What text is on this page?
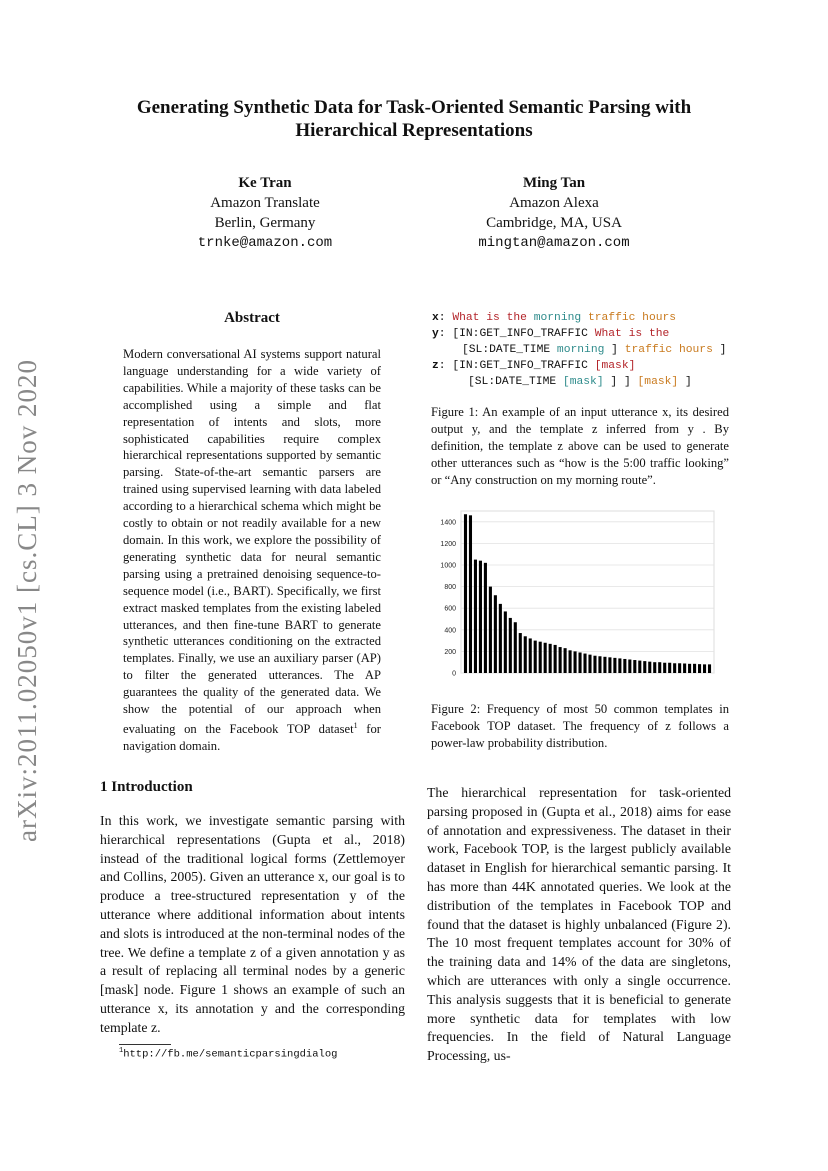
Generating Synthetic Data for Task-Oriented Semantic Parsing with Hierarchical Representations
Ke Tran
Amazon Translate
Berlin, Germany
trnke@amazon.com
Ming Tan
Amazon Alexa
Cambridge, MA, USA
mingtan@amazon.com
arXiv:2011.02050v1 [cs.CL] 3 Nov 2020
Abstract
Modern conversational AI systems support natural language understanding for a wide variety of capabilities. While a majority of these tasks can be accomplished using a simple and flat representation of intents and slots, more sophisticated capabilities require complex hierarchical representations supported by semantic parsing. State-of-the-art semantic parsers are trained using supervised learning with data labeled according to a hierarchical schema which might be costly to obtain or not readily available for a new domain. In this work, we explore the possibility of generating synthetic data for neural semantic parsing using a pretrained denoising sequence-to-sequence model (i.e., BART). Specifically, we first extract masked templates from the existing labeled utterances, and then fine-tune BART to generate synthetic utterances conditioning on the extracted templates. Finally, we use an auxiliary parser (AP) to filter the generated utterances. The AP guarantees the quality of the generated data. We show the potential of our approach when evaluating on the Facebook TOP dataset$^1$ for navigation domain.
1 Introduction
In this work, we investigate semantic parsing with hierarchical representations (Gupta et al., 2018) instead of the traditional logical forms (Zettlemoyer and Collins, 2005). Given an utterance x, our goal is to produce a tree-structured representation y of the utterance where additional information about intents and slots is introduced at the non-terminal nodes of the tree. We define a template z of a given annotation y as a result of replacing all terminal nodes by a generic [mask] node. Figure 1 shows an example of such an utterance x, its annotation y and the corresponding template z.
$^1$http://fb.me/semanticparsingdialog
x: What is the morning traffic hours
y: [IN:GET_INFO_TRAFFIC What is the
[SL:DATE_TIME morning ] traffic hours ]
z: [IN:GET_INFO_TRAFFIC [mask]
[SL:DATE_TIME [mask] ] ] [mask] ]
Figure 1: An example of an input utterance x, its desired output y, and the template z inferred from y . By definition, the template z above can be used to generate other utterances such as “how is the 5:00 traffic looking” or “Any construction on my morning route”.
0
200
400
600
800
1000
1200
1400
Figure 2: Frequency of most 50 common templates in Facebook TOP dataset. The frequency of z follows a power-law probability distribution.
The hierarchical representation for task-oriented parsing proposed in (Gupta et al., 2018) aims for ease of annotation and expressiveness. The dataset in their work, Facebook TOP, is the largest publicly available dataset in English for hierarchical semantic parsing. It has more than 44K annotated queries. We look at the distribution of the templates in Facebook TOP and found that the dataset is highly unbalanced (Figure 2). The 10 most frequent templates account for 30% of the training data and 14% of the data are singletons, which are utterances with only a single occurrence. This analysis suggests that it is beneficial to generate more synthetic data for templates with low frequencies. In the field of Natural Language Processing, us-
